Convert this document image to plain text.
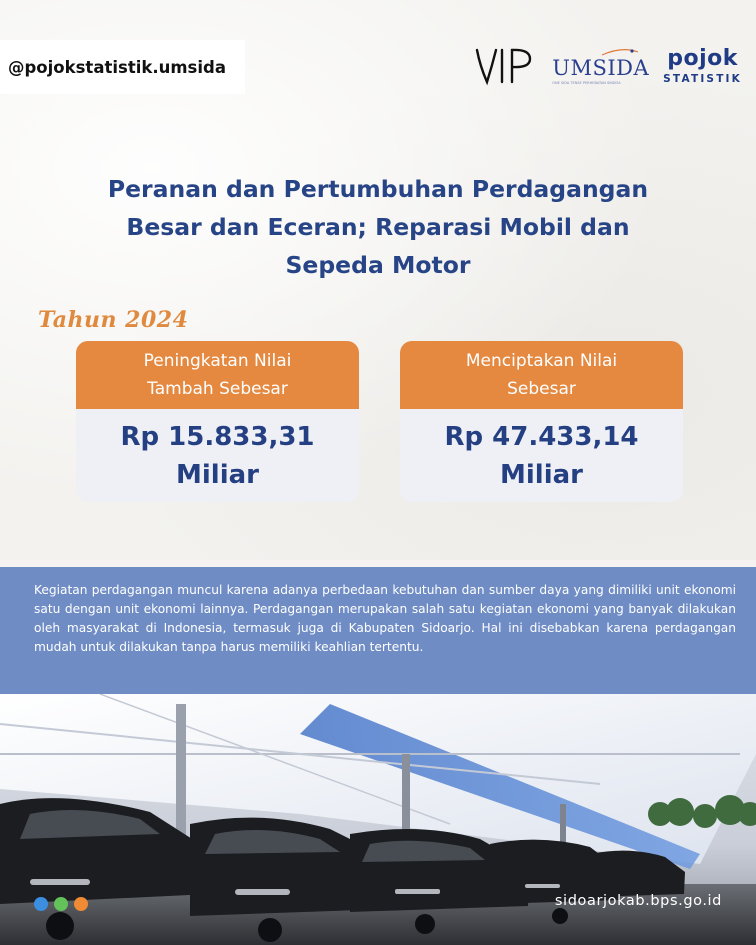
@pojokstatistik.umsida	UMSIDA
ONE SIDA TENSE PERHEBATAN SINDOA
pojok
STATISTIK
Peranan dan Pertumbuhan Perdagangan
Besar dan Eceran; Reparasi Mobil dan
Sepeda Motor
Tahun 2024
Peningkatan Nilai
Tambah Sebesar
Rp 15.833,31
Miliar
Menciptakan Nilai
Sebesar
Rp 47.433,14
Miliar

Kegiatan perdagangan muncul karena adanya perbedaan kebutuhan dan sumber daya yang dimiliki unit ekonomi satu dengan unit ekonomi lainnya. Perdagangan merupakan salah satu kegiatan ekonomi yang banyak dilakukan oleh masyarakat di Indonesia, termasuk juga di Kabupaten Sidoarjo. Hal ini disebabkan karena perdagangan mudah untuk dilakukan tanpa harus memiliki keahlian tertentu.

sidoarjokab.bps.go.id
